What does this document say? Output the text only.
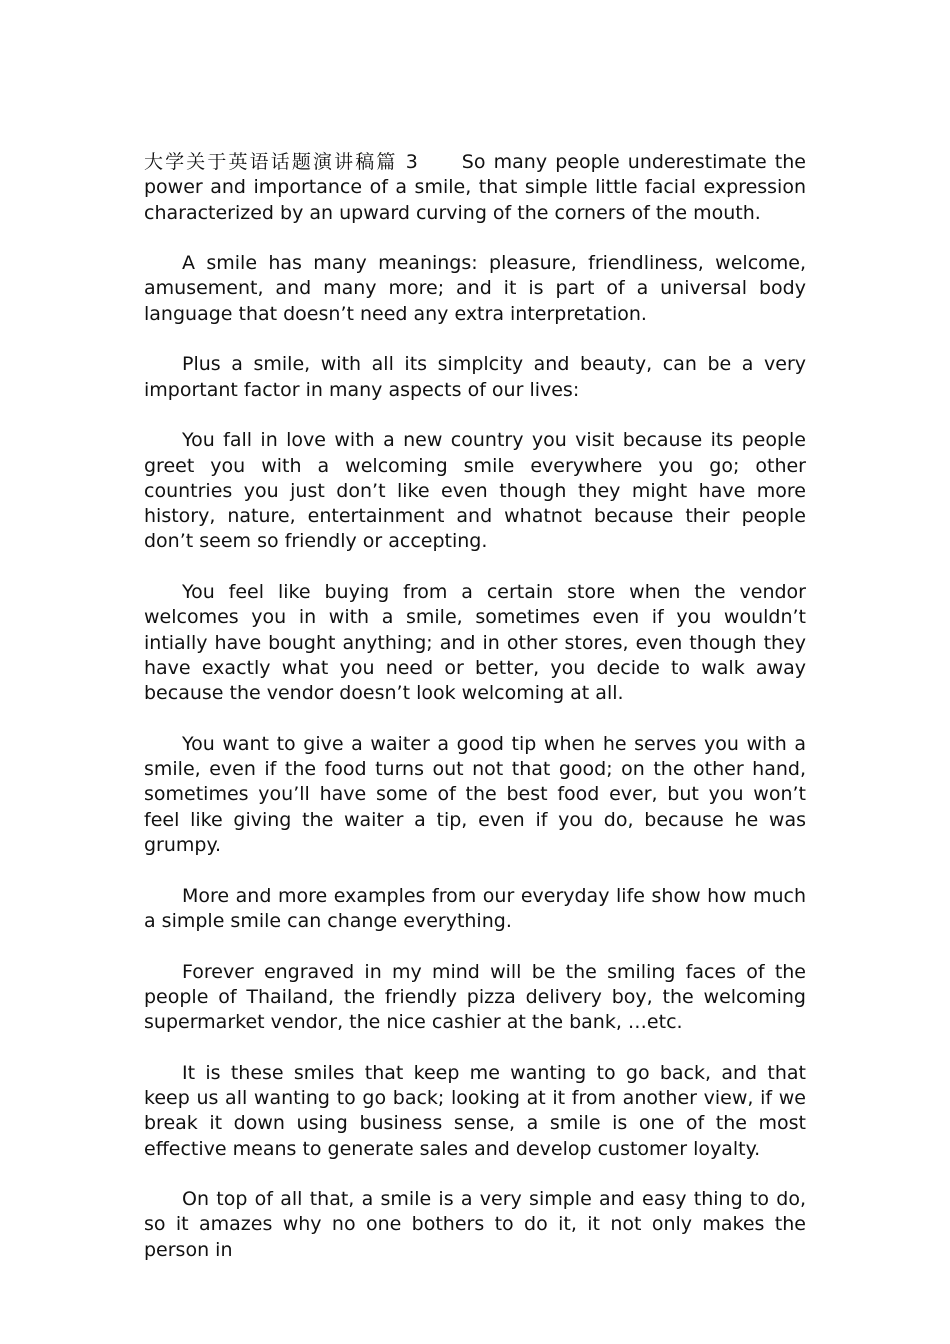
大学关于英语话题演讲稿篇 3 So many people underestimate the power and importance of a smile, that simple little facial expression characterized by an upward curving of the corners of the mouth.

A smile has many meanings: pleasure, friendliness, welcome, amusement, and many more; and it is part of a universal body language that doesn’t need any extra interpretation.

Plus a smile, with all its simplcity and beauty, can be a very important factor in many aspects of our lives:

You fall in love with a new country you visit because its people greet you with a welcoming smile everywhere you go; other countries you just don’t like even though they might have more history, nature, entertainment and whatnot because their people don’t seem so friendly or accepting.

You feel like buying from a certain store when the vendor welcomes you in with a smile, sometimes even if you wouldn’t intially have bought anything; and in other stores, even though they have exactly what you need or better, you decide to walk away because the vendor doesn’t look welcoming at all.

You want to give a waiter a good tip when he serves you with a smile, even if the food turns out not that good; on the other hand, sometimes you’ll have some of the best food ever, but you won’t feel like giving the waiter a tip, even if you do, because he was grumpy.

More and more examples from our everyday life show how much a simple smile can change everything.

Forever engraved in my mind will be the smiling faces of the people of Thailand, the friendly pizza delivery boy, the welcoming supermarket vendor, the nice cashier at the bank, …etc.

It is these smiles that keep me wanting to go back, and that keep us all wanting to go back; looking at it from another view, if we break it down using business sense, a smile is one of the most effective means to generate sales and develop customer loyalty.

On top of all that, a smile is a very simple and easy thing to do, so it amazes why no one bothers to do it, it not only makes the person in
